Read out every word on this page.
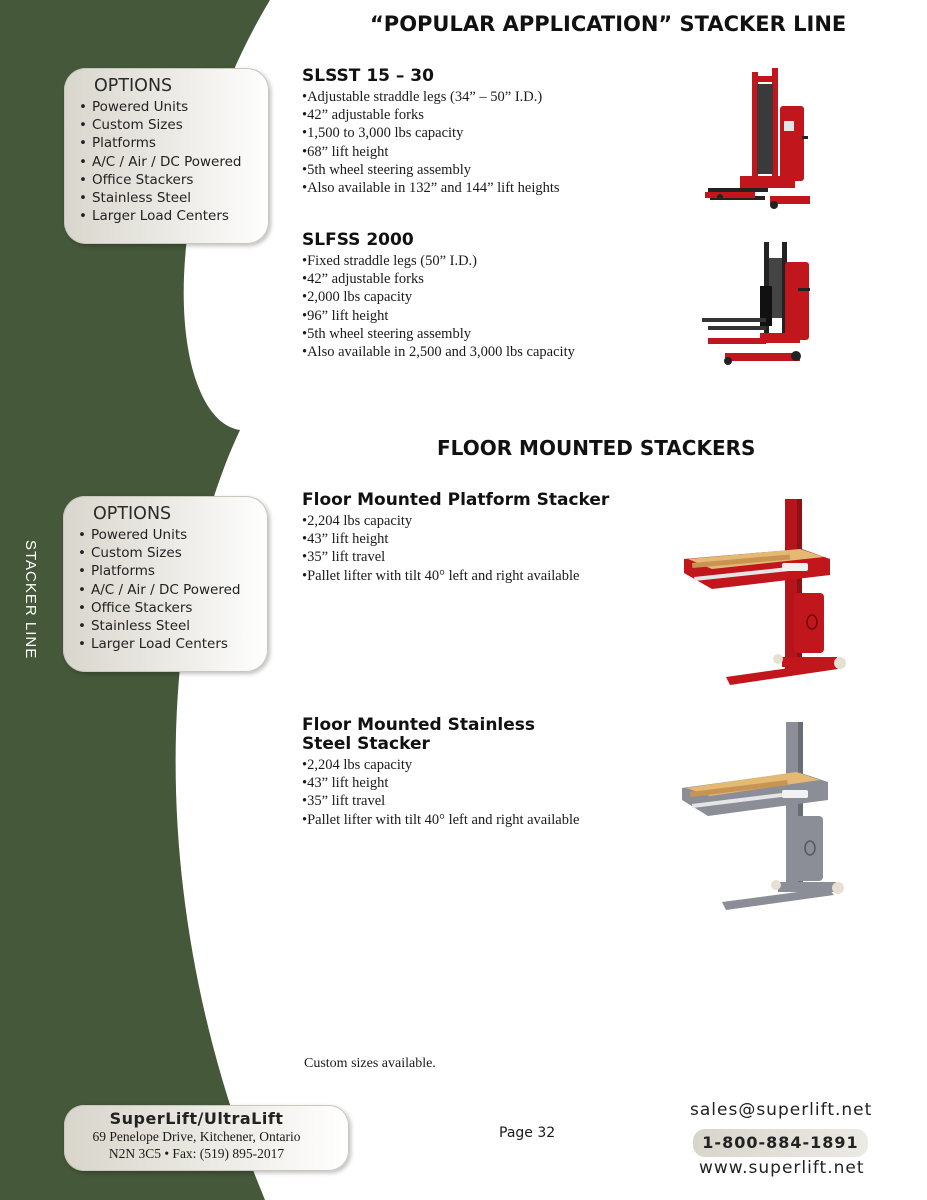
STACKER LINE
“POPULAR APPLICATION” STACKER LINE
FLOOR MOUNTED STACKERS
OPTIONS
• Powered Units
• Custom Sizes
• Platforms
• A/C / Air / DC Powered
• Office Stackers
• Stainless Steel
• Larger Load Centers
OPTIONS
• Powered Units
• Custom Sizes
• Platforms
• A/C / Air / DC Powered
• Office Stackers
• Stainless Steel
• Larger Load Centers
SLSST 15 – 30
• Adjustable straddle legs (34” – 50” I.D.)
• 42” adjustable forks
• 1,500 to 3,000 lbs capacity
• 68” lift height
• 5th wheel steering assembly
• Also available in 132” and 144” lift heights
SLFSS 2000
• Fixed straddle legs (50” I.D.)
• 42” adjustable forks
• 2,000 lbs capacity
• 96” lift height
• 5th wheel steering assembly
• Also available in 2,500 and 3,000 lbs capacity
Floor Mounted Platform Stacker
• 2,204 lbs capacity
• 43” lift height
• 35” lift travel
• Pallet lifter with tilt 40° left and right available
Floor Mounted Stainless
Steel Stacker
• 2,204 lbs capacity
• 43” lift height
• 35” lift travel
• Pallet lifter with tilt 40° left and right available
Custom sizes available.
SuperLift/UltraLift
69 Penelope Drive, Kitchener, Ontario
N2N 3C5 • Fax: (519) 895-2017
Page 32
sales@superlift.net
1-800-884-1891
www.superlift.net
